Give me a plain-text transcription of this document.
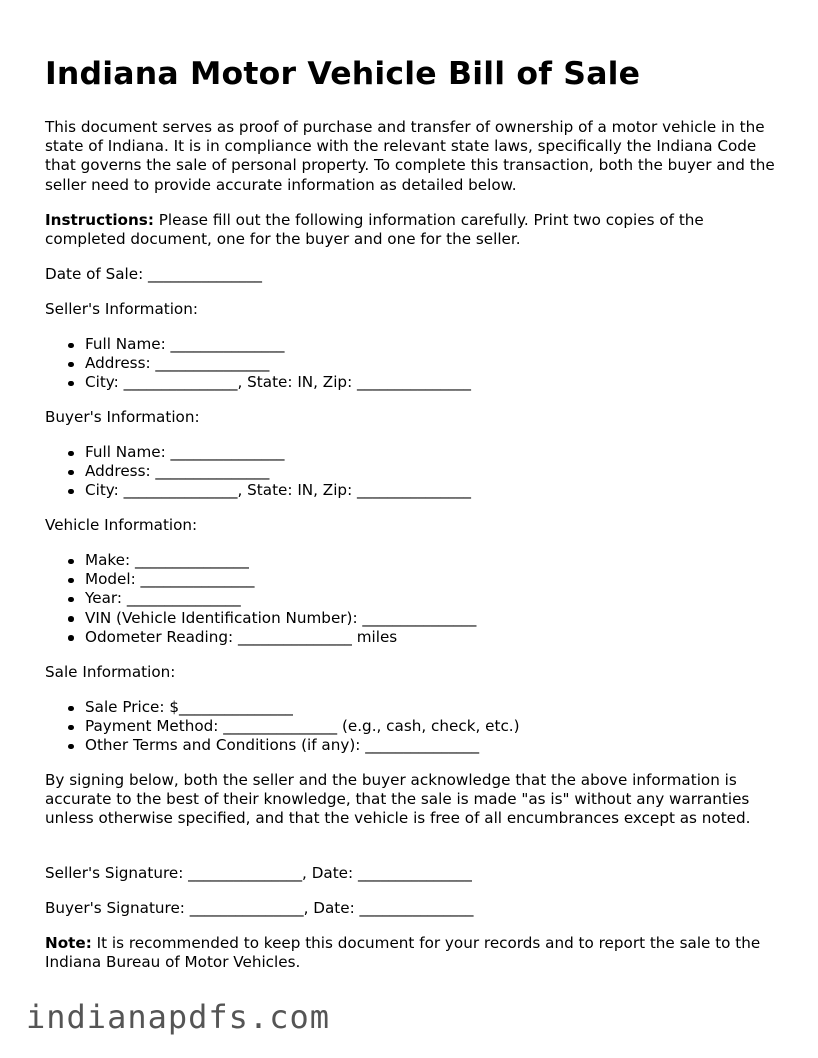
Indiana Motor Vehicle Bill of Sale

This document serves as proof of purchase and transfer of ownership of a motor vehicle in the state of Indiana. It is in compliance with the relevant state laws, specifically the Indiana Code that governs the sale of personal property. To complete this transaction, both the buyer and the seller need to provide accurate information as detailed below.

Instructions: Please fill out the following information carefully. Print two copies of the completed document, one for the buyer and one for the seller.

Date of Sale: _______________

Seller's Information:

Full Name: _______________
Address: _______________
City: _______________, State: IN, Zip: _______________

Buyer's Information:

Full Name: _______________
Address: _______________
City: _______________, State: IN, Zip: _______________

Vehicle Information:

Make: _______________
Model: _______________
Year: _______________
VIN (Vehicle Identification Number): _______________
Odometer Reading: _______________ miles

Sale Information:

Sale Price: $_______________
Payment Method: _______________ (e.g., cash, check, etc.)
Other Terms and Conditions (if any): _______________

By signing below, both the seller and the buyer acknowledge that the above information is accurate to the best of their knowledge, that the sale is made "as is" without any warranties unless otherwise specified, and that the vehicle is free of all encumbrances except as noted.

Seller's Signature: _______________, Date: _______________

Buyer's Signature: _______________, Date: _______________

Note: It is recommended to keep this document for your records and to report the sale to the Indiana Bureau of Motor Vehicles.

indianapdfs.com
